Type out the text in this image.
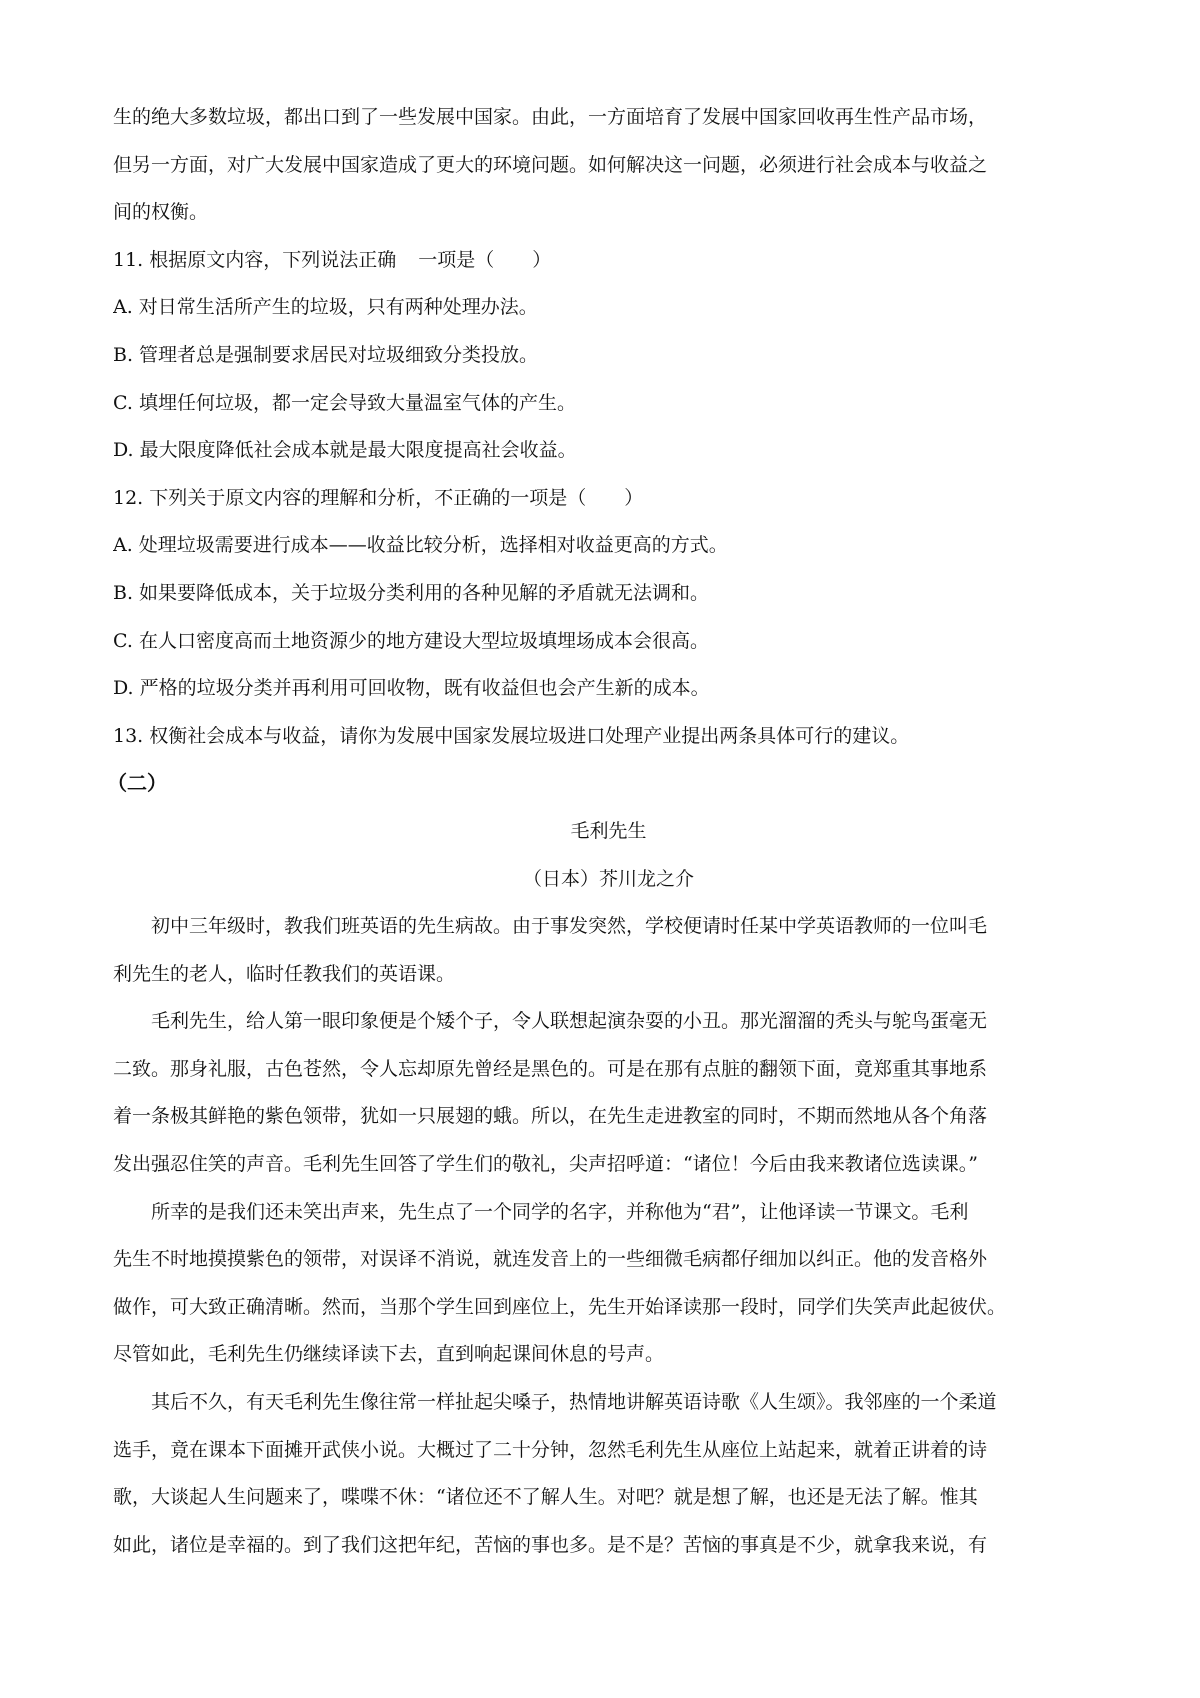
生的绝大多数垃圾，都出口到了一些发展中国家。由此，一方面培育了发展中国家回收再生性产品市场，
但另一方面，对广大发展中国家造成了更大的环境问题。如何解决这一问题，必须进行社会成本与收益之
间的权衡。
11. 根据原文内容，下列说法正确 一项是（　　）
A. 对日常生活所产生的垃圾，只有两种处理办法。
B. 管理者总是强制要求居民对垃圾细致分类投放。
C. 填埋任何垃圾，都一定会导致大量温室气体的产生。
D. 最大限度降低社会成本就是最大限度提高社会收益。
12. 下列关于原文内容的理解和分析，不正确的一项是（　　）
A. 处理垃圾需要进行成本——收益比较分析，选择相对收益更高的方式。
B. 如果要降低成本，关于垃圾分类利用的各种见解的矛盾就无法调和。
C. 在人口密度高而土地资源少的地方建设大型垃圾填埋场成本会很高。
D. 严格的垃圾分类并再利用可回收物，既有收益但也会产生新的成本。
13. 权衡社会成本与收益，请你为发展中国家发展垃圾进口处理产业提出两条具体可行的建议。
（二）
毛利先生
（日本）芥川龙之介
初中三年级时，教我们班英语的先生病故。由于事发突然，学校便请时任某中学英语教师的一位叫毛
利先生的老人，临时任教我们的英语课。
毛利先生，给人第一眼印象便是个矮个子，令人联想起演杂耍的小丑。那光溜溜的秃头与鸵鸟蛋毫无
二致。那身礼服，古色苍然，令人忘却原先曾经是黑色的。可是在那有点脏的翻领下面，竟郑重其事地系
着一条极其鲜艳的紫色领带，犹如一只展翅的蛾。所以，在先生走进教室的同时，不期而然地从各个角落
发出强忍住笑的声音。毛利先生回答了学生们的敬礼，尖声招呼道：“诸位！今后由我来教诸位选读课。”
所幸的是我们还未笑出声来，先生点了一个同学的名字，并称他为“君”，让他译读一节课文。毛利
先生不时地摸摸紫色的领带，对误译不消说，就连发音上的一些细微毛病都仔细加以纠正。他的发音格外
做作，可大致正确清晰。然而，当那个学生回到座位上，先生开始译读那一段时，同学们失笑声此起彼伏。
尽管如此，毛利先生仍继续译读下去，直到响起课间休息的号声。
其后不久，有天毛利先生像往常一样扯起尖嗓子，热情地讲解英语诗歌《人生颂》。我邻座的一个柔道
选手，竟在课本下面摊开武侠小说。大概过了二十分钟，忽然毛利先生从座位上站起来，就着正讲着的诗
歌，大谈起人生问题来了，喋喋不休：“诸位还不了解人生。对吧？就是想了解，也还是无法了解。惟其
如此，诸位是幸福的。到了我们这把年纪，苦恼的事也多。是不是？苦恼的事真是不少，就拿我来说，有
